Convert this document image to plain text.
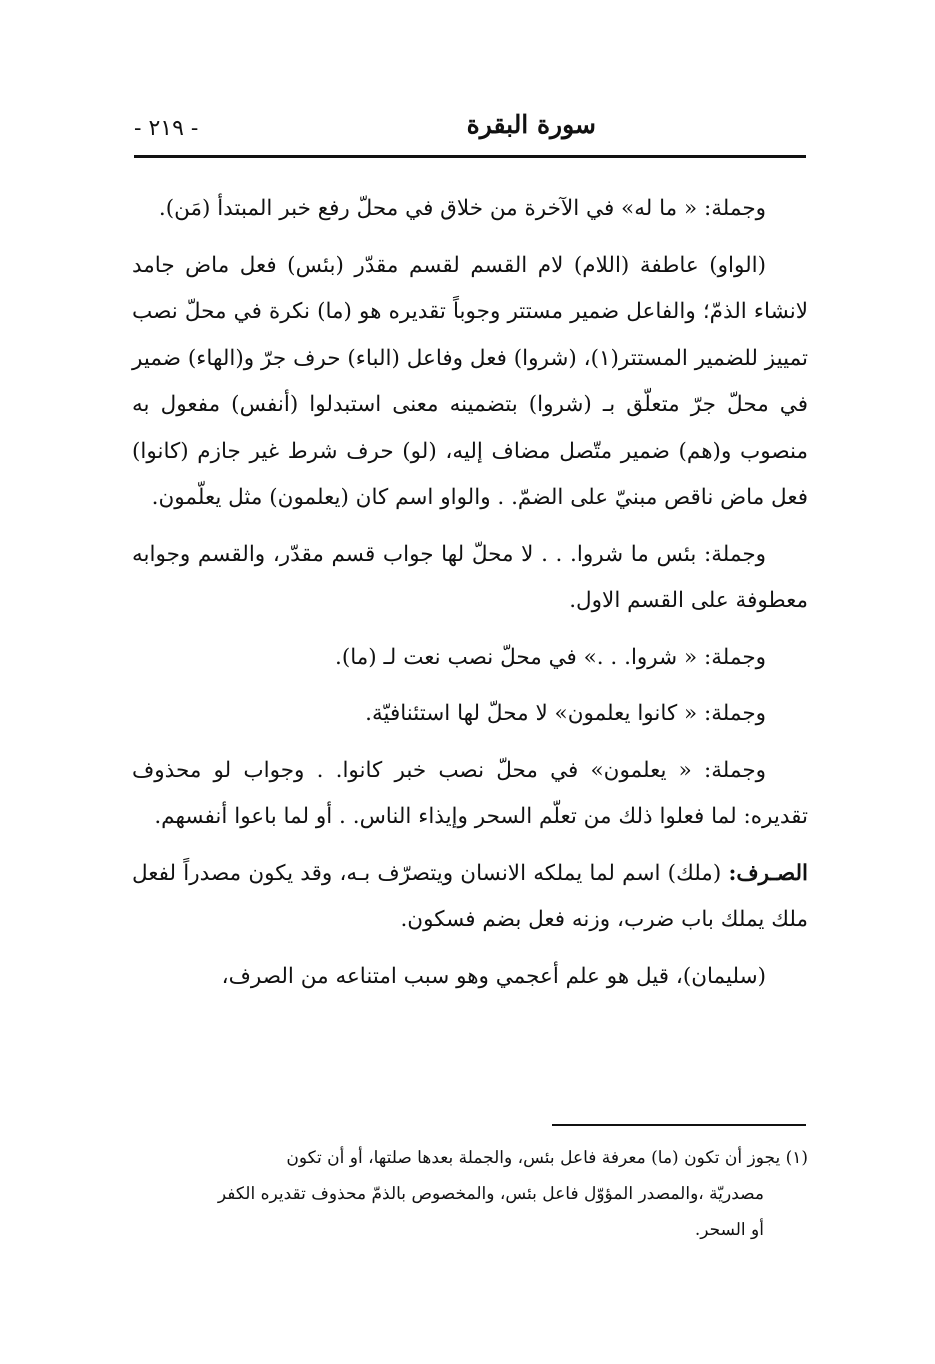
سورة البقرة
- ٢١٩ -

وجملة: « ما له» في الآخرة من خلاق في محلّ رفع خبر المبتدأ (مَن).

(الواو) عاطفة (اللام) لام القسم لقسم مقدّر (بئس) فعل ماض جامد لانشاء الذمّ؛ والفاعل ضمير مستتر وجوباً تقديره هو (ما) نكرة في محلّ نصب تمييز للضمير المستتر(١)، (شروا) فعل وفاعل (الباء) حرف جرّ و(الهاء) ضمير في محلّ جرّ متعلّق بـ (شروا) بتضمينه معنى استبدلوا (أنفس) مفعول به منصوب و(هم) ضمير متّصل مضاف إليه، (لو) حرف شرط غير جازم (كانوا) فعل ماض ناقص مبنيّ على الضمّ. . والواو اسم كان (يعلمون) مثل يعلّمون.

وجملة: بئس ما شروا. . . لا محلّ لها جواب قسم مقدّر، والقسم وجوابه معطوفة على القسم الاول.

وجملة: « شروا. . .» في محلّ نصب نعت لـ (ما).

وجملة: « كانوا يعلمون» لا محلّ لها استئنافيّة.

وجملة: « يعلمون» في محلّ نصب خبر كانوا. . وجواب لو محذوف تقديره: لما فعلوا ذلك من تعلّم السحر وإيذاء الناس. . أو لما باعوا أنفسهم.

الصـرف: (ملك) اسم لما يملكه الانسان ويتصرّف بـه، وقد يكون مصدراً لفعل ملك يملك باب ضرب، وزنه فعل بضم فسكون.

(سليمان)، قيل هو علم أعجمي وهو سبب امتناعه من الصرف،

(١) يجوز أن تكون (ما) معرفة فاعل بئس، والجملة بعدها صلتها، أو أن تكون

مصدريّة ،والمصدر المؤوّل فاعل بئس، والمخصوص بالذمّ محذوف تقديره الكفر

أو السحر.
